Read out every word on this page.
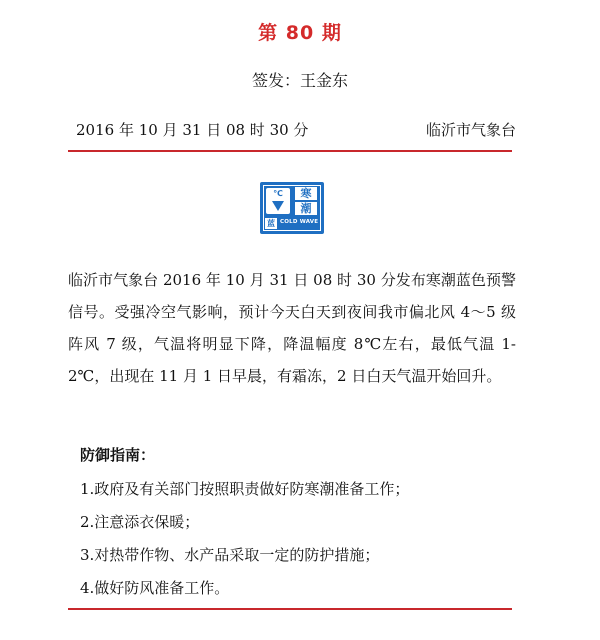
第 80 期
签发：王金东
2016 年 10 月 31 日 08 时 30 分	临沂市气象台
℃	寒
潮
蓝 COLD WAVE
临沂市气象台 2016 年 10 月 31 日 08 时 30 分发布寒潮蓝色预警信号。受强冷空气影响，预计今天白天到夜间我市偏北风 4～5 级阵风 7 级，气温将明显下降，降温幅度 8℃左右，最低气温 1-2℃，出现在 11 月 1 日早晨，有霜冻，2 日白天气温开始回升。
防御指南：
1.政府及有关部门按照职责做好防寒潮准备工作；
2.注意添衣保暖；
3.对热带作物、水产品采取一定的防护措施；
4.做好防风准备工作。
